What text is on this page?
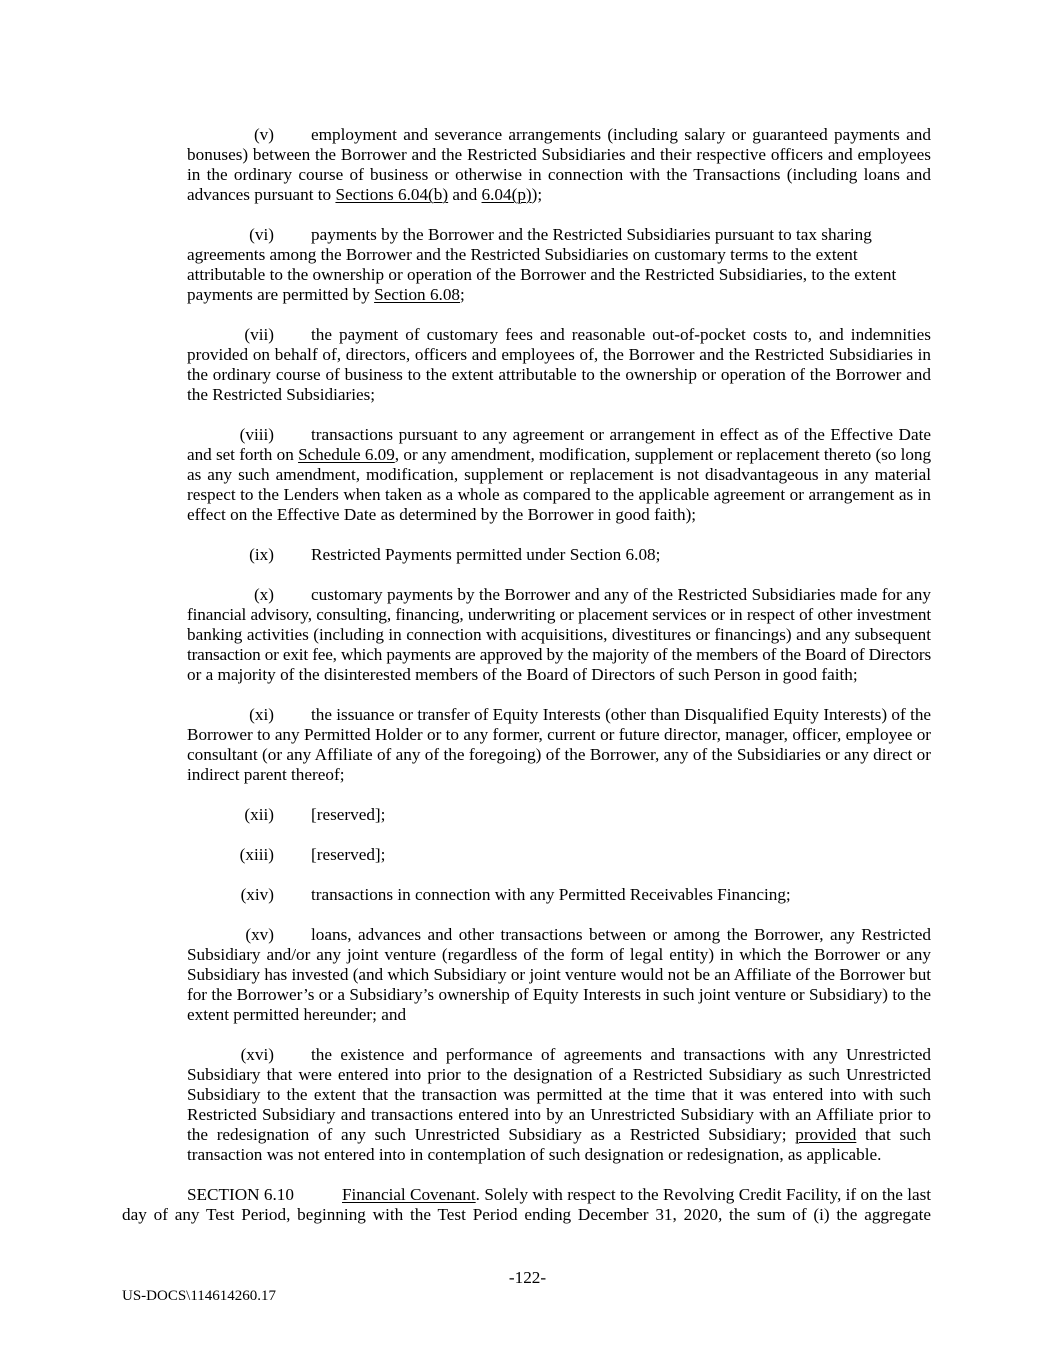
(v) employment and severance arrangements (including salary or guaranteed payments and
bonuses) between the Borrower and the Restricted Subsidiaries and their respective officers and employees
in the ordinary course of business or otherwise in connection with the Transactions (including loans and
advances pursuant to Sections 6.04(b) and 6.04(p));
(vi) payments by the Borrower and the Restricted Subsidiaries pursuant to tax sharing
agreements among the Borrower and the Restricted Subsidiaries on customary terms to the extent
attributable to the ownership or operation of the Borrower and the Restricted Subsidiaries, to the extent
payments are permitted by Section 6.08;
(vii) the payment of customary fees and reasonable out-of-pocket costs to, and indemnities
provided on behalf of, directors, officers and employees of, the Borrower and the Restricted Subsidiaries in
the ordinary course of business to the extent attributable to the ownership or operation of the Borrower and
the Restricted Subsidiaries;
(viii) transactions pursuant to any agreement or arrangement in effect as of the Effective Date
and set forth on Schedule 6.09, or any amendment, modification, supplement or replacement thereto (so long
as any such amendment, modification, supplement or replacement is not disadvantageous in any material
respect to the Lenders when taken as a whole as compared to the applicable agreement or arrangement as in
effect on the Effective Date as determined by the Borrower in good faith);
(ix) Restricted Payments permitted under Section 6.08;
(x) customary payments by the Borrower and any of the Restricted Subsidiaries made for any
financial advisory, consulting, financing, underwriting or placement services or in respect of other investment
banking activities (including in connection with acquisitions, divestitures or financings) and any subsequent
transaction or exit fee, which payments are approved by the majority of the members of the Board of Directors
or a majority of the disinterested members of the Board of Directors of such Person in good faith;
(xi) the issuance or transfer of Equity Interests (other than Disqualified Equity Interests) of the
Borrower to any Permitted Holder or to any former, current or future director, manager, officer, employee or
consultant (or any Affiliate of any of the foregoing) of the Borrower, any of the Subsidiaries or any direct or
indirect parent thereof;
(xii) [reserved];
(xiii) [reserved];
(xiv) transactions in connection with any Permitted Receivables Financing;
(xv) loans, advances and other transactions between or among the Borrower, any Restricted
Subsidiary and/or any joint venture (regardless of the form of legal entity) in which the Borrower or any
Subsidiary has invested (and which Subsidiary or joint venture would not be an Affiliate of the Borrower but
for the Borrower’s or a Subsidiary’s ownership of Equity Interests in such joint venture or Subsidiary) to the
extent permitted hereunder; and
(xvi) the existence and performance of agreements and transactions with any Unrestricted
Subsidiary that were entered into prior to the designation of a Restricted Subsidiary as such Unrestricted
Subsidiary to the extent that the transaction was permitted at the time that it was entered into with such
Restricted Subsidiary and transactions entered into by an Unrestricted Subsidiary with an Affiliate prior to
the redesignation of any such Unrestricted Subsidiary as a Restricted Subsidiary; provided that such
transaction was not entered into in contemplation of such designation or redesignation, as applicable.
SECTION 6.10	Financial Covenant. Solely with respect to the Revolving Credit Facility, if on the last
day of any Test Period, beginning with the Test Period ending December 31, 2020, the sum of (i) the aggregate
-122-
US-DOCS\114614260.17
